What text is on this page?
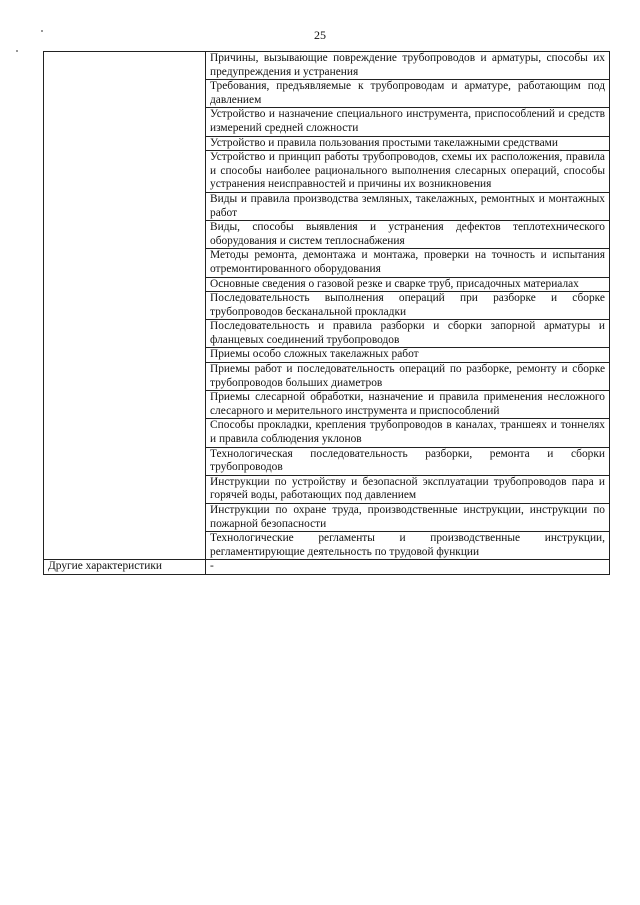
25
	Причины, вызывающие повреждение трубопроводов и арматуры, способы их предупреждения и устранения
	Требования, предъявляемые к трубопроводам и арматуре, работающим под давлением
	Устройство и назначение специального инструмента, приспособлений и средств измерений средней сложности
	Устройство и правила пользования простыми такелажными средствами
	Устройство и принцип работы трубопроводов, схемы их расположения, правила и способы наиболее рационального выполнения слесарных операций, способы устранения неисправностей и причины их возникновения
	Виды и правила производства земляных, такелажных, ремонтных и монтажных работ
	Виды, способы выявления и устранения дефектов теплотехнического оборудования и систем теплоснабжения
	Методы ремонта, демонтажа и монтажа, проверки на точность и испытания отремонтированного оборудования
	Основные сведения о газовой резке и сварке труб, присадочных материалах
	Последовательность выполнения операций при разборке и сборке трубопроводов бесканальной прокладки
	Последовательность и правила разборки и сборки запорной арматуры и фланцевых соединений трубопроводов
	Приемы особо сложных такелажных работ
	Приемы работ и последовательность операций по разборке, ремонту и сборке трубопроводов больших диаметров
	Приемы слесарной обработки, назначение и правила применения несложного слесарного и мерительного инструмента и приспособлений
	Способы прокладки, крепления трубопроводов в каналах, траншеях и тоннелях и правила соблюдения уклонов
	Технологическая последовательность разборки, ремонта и сборки трубопроводов
	Инструкции по устройству и безопасной эксплуатации трубопроводов пара и горячей воды, работающих под давлением
	Инструкции по охране труда, производственные инструкции, инструкции по пожарной безопасности
	Технологические регламенты и производственные инструкции, регламентирующие деятельность по трудовой функции
Другие характеристики	-
